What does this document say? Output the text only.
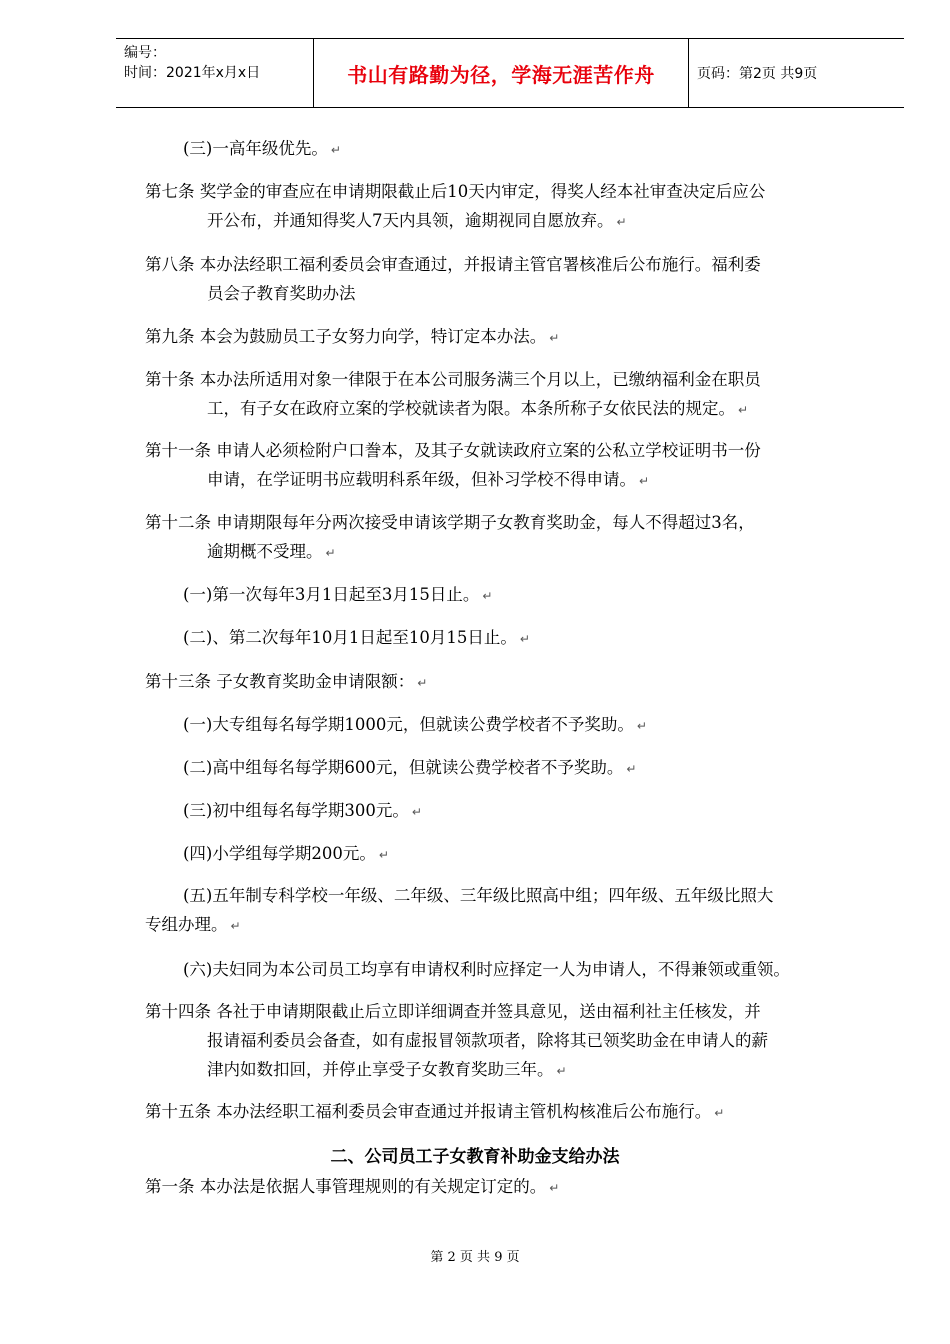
编号：
时间：2021年x月x日	书山有路勤为径，学海无涯苦作舟	页码：第2页 共9页
(三)一高年级优先。 ↵
第七条 奖学金的审查应在申请期限截止后10天内审定，得奖人经本社审查决定后应公
开公布，并通知得奖人7天内具领，逾期视同自愿放弃。 ↵
第八条 本办法经职工福利委员会审查通过，并报请主管官署核准后公布施行。福利委
员会子教育奖助办法
第九条 本会为鼓励员工子女努力向学，特订定本办法。 ↵
第十条 本办法所适用对象一律限于在本公司服务满三个月以上，已缴纳福利金在职员
工，有子女在政府立案的学校就读者为限。本条所称子女依民法的规定。 ↵
第十一条 申请人必须检附户口誊本，及其子女就读政府立案的公私立学校证明书一份
申请，在学证明书应载明科系年级，但补习学校不得申请。 ↵
第十二条 申请期限每年分两次接受申请该学期子女教育奖助金，每人不得超过3名，
逾期概不受理。 ↵
(一)第一次每年3月1日起至3月15日止。 ↵
(二)、第二次每年10月1日起至10月15日止。 ↵
第十三条 子女教育奖助金申请限额： ↵
(一)大专组每名每学期1000元，但就读公费学校者不予奖助。 ↵
(二)高中组每名每学期600元，但就读公费学校者不予奖助。 ↵
(三)初中组每名每学期300元。 ↵
(四)小学组每学期200元。 ↵
(五)五年制专科学校一年级、二年级、三年级比照高中组；四年级、五年级比照大
专组办理。 ↵
(六)夫妇同为本公司员工均享有申请权利时应择定一人为申请人，不得兼领或重领。
第十四条 各社于申请期限截止后立即详细调查并签具意见，送由福利社主任核发，并
报请福利委员会备查，如有虚报冒领款项者，除将其已领奖助金在申请人的薪
津内如数扣回，并停止享受子女教育奖助三年。 ↵
第十五条 本办法经职工福利委员会审查通过并报请主管机构核准后公布施行。 ↵
二、公司员工子女教育补助金支给办法
第一条 本办法是依据人事管理规则的有关规定订定的。 ↵
第 2 页 共 9 页
